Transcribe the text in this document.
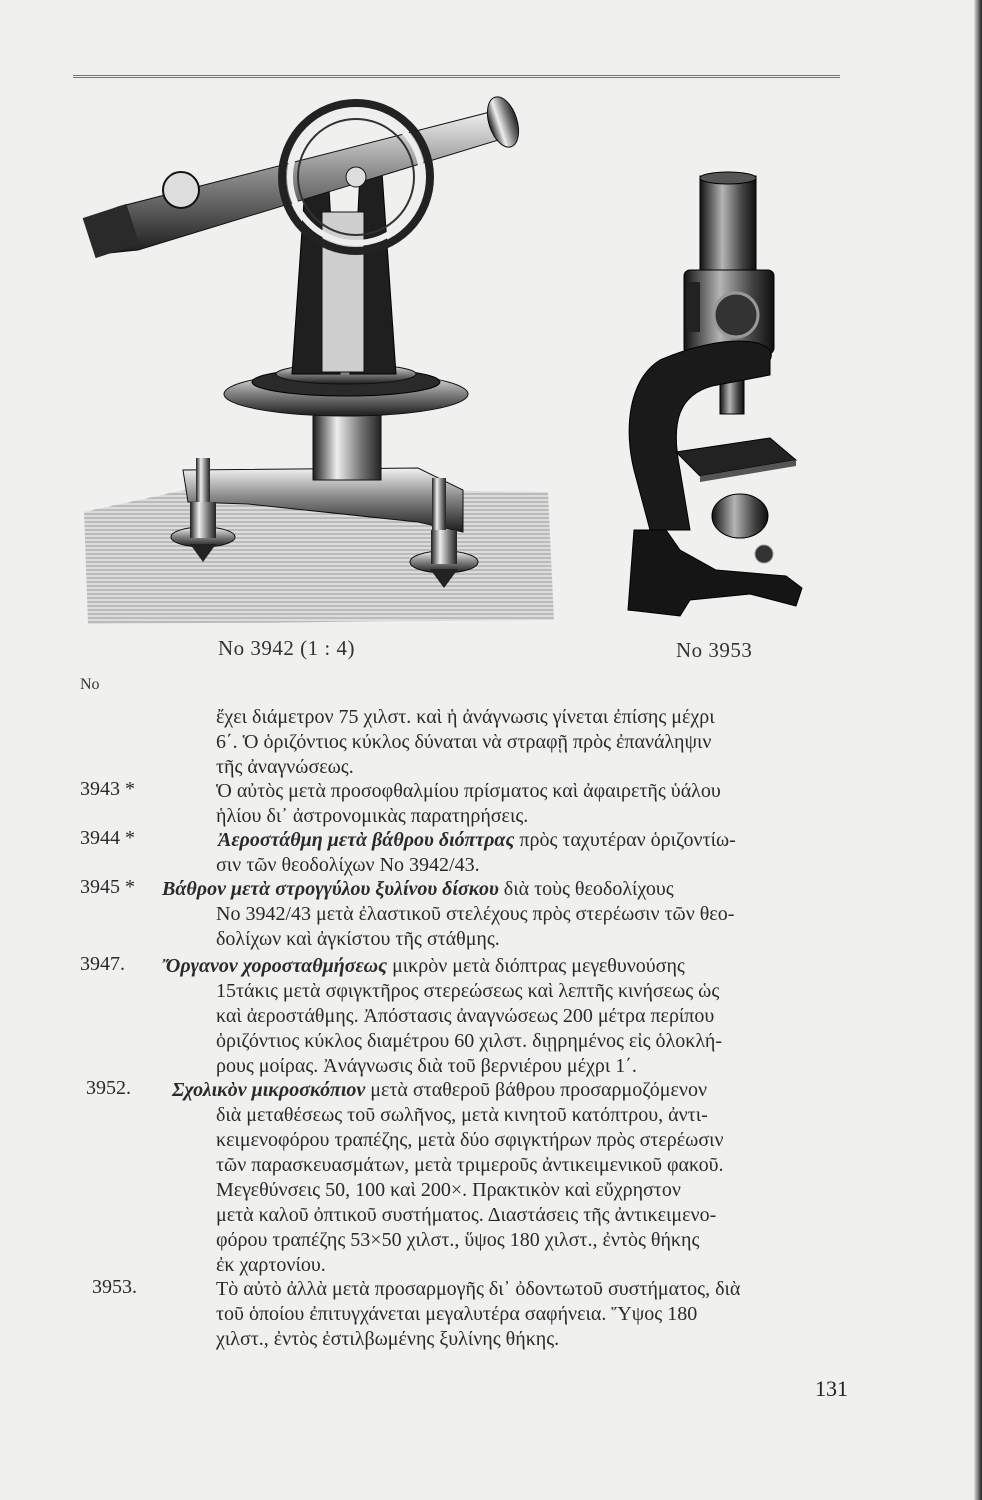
No 3942 (1 : 4)	No 3953
No
ἔχει διάμετρον 75 χιλστ. καὶ ἡ ἀνάγνωσις γίνεται ἐπίσης μέχρι
6΄. Ὁ ὁριζόντιος κύκλος δύναται νὰ στραφῇ πρὸς ἐπανάληψιν
τῆς ἀναγνώσεως.
3943 *	Ὁ αὐτὸς μετὰ προσοφθαλμίου πρίσματος καὶ ἀφαιρετῆς ὑάλου
ἡλίου δι᾽ ἀστρονομικὰς παρατηρήσεις.
3944 *	Ἀεροστάθμη μετὰ βάθρου διόπτρας πρὸς ταχυτέραν ὁριζοντίω-
σιν τῶν θεοδολίχων No 3942/43.
3945 * Βάθρον μετὰ στρογγύλου ξυλίνου δίσκου διὰ τοὺς θεοδολίχους
No 3942/43 μετὰ ἐλαστικοῦ στελέχους πρὸς στερέωσιν τῶν θεο-
δολίχων καὶ ἀγκίστου τῆς στάθμης.
3947. Ὄργανον χοροσταθμήσεως μικρὸν μετὰ διόπτρας μεγεθυνούσης
15τάκις μετὰ σφιγκτῆρος στερεώσεως καὶ λεπτῆς κινήσεως ὡς
καὶ ἀεροστάθμης. Ἀπόστασις ἀναγνώσεως 200 μέτρα περίπου
ὁριζόντιος κύκλος διαμέτρου 60 χιλστ. διῃρημένος εἰς ὁλοκλή-
ρους μοίρας. Ἀνάγνωσις διὰ τοῦ βερνιέρου μέχρι 1΄.
3952. Σχολικὸν μικροσκόπιον μετὰ σταθεροῦ βάθρου προσαρμοζόμενον
διὰ μεταθέσεως τοῦ σωλῆνος, μετὰ κινητοῦ κατόπτρου, ἀντι-
κειμενοφόρου τραπέζης, μετὰ δύο σφιγκτήρων πρὸς στερέωσιν
τῶν παρασκευασμάτων, μετὰ τριμεροῦς ἀντικειμενικοῦ φακοῦ.
Μεγεθύνσεις 50, 100 καὶ 200×. Πρακτικὸν καὶ εὔχρηστον
μετὰ καλοῦ ὀπτικοῦ συστήματος. Διαστάσεις τῆς ἀντικειμενο-
φόρου τραπέζης 53×50 χιλστ., ὕψος 180 χιλστ., ἐντὸς θήκης
ἐκ χαρτονίου.
3953.	Τὸ αὐτὸ ἀλλὰ μετὰ προσαρμογῆς δι᾽ ὀδοντωτοῦ συστήματος, διὰ
τοῦ ὁποίου ἐπιτυγχάνεται μεγαλυτέρα σαφήνεια. Ὕψος 180
χιλστ., ἐντὸς ἐστιλβωμένης ξυλίνης θήκης.
131
